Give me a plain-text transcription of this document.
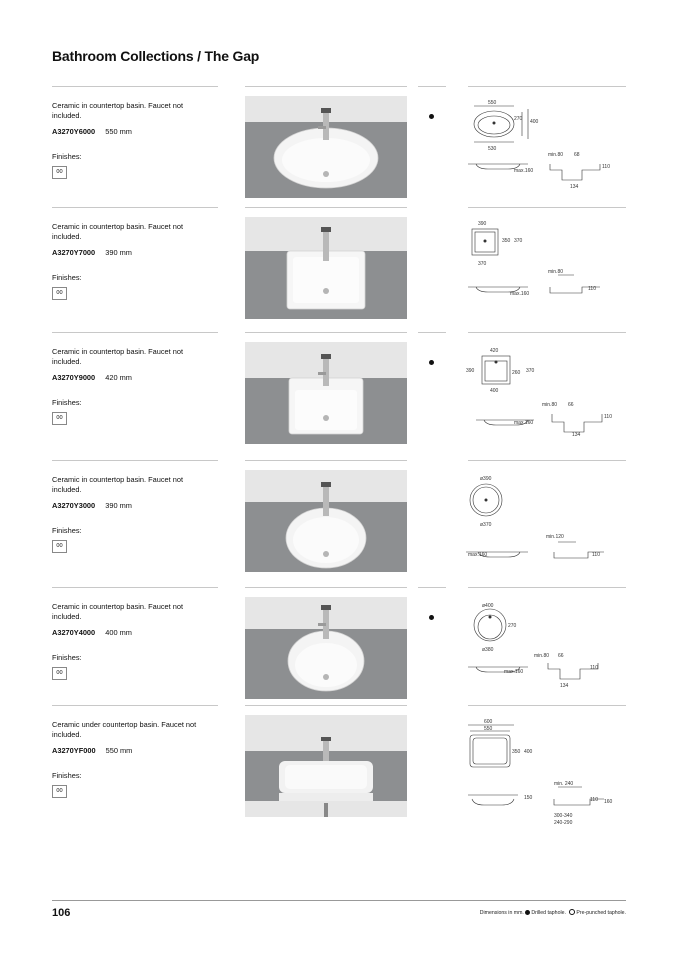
Bathroom Collections / The Gap
Ceramic in countertop basin. Faucet not included.
A3270Y6000 550 mm
Finishes:
00
550
270 400
530
min.80 68
110
134
max.160
Ceramic in countertop basin. Faucet not included.
A3270Y7000 390 mm
Finishes:
00
390
350 370
370
min.80
110
max.160
Ceramic in countertop basin. Faucet not included.
A3270Y9000 420 mm
Finishes:
00
420
390	260 370
400
min.80 66
110
134
max.160
Ceramic in countertop basin. Faucet not included.
A3270Y3000 390 mm
Finishes:
00
ø390
ø370
min.120
110
max.160
Ceramic in countertop basin. Faucet not included.
A3270Y4000 400 mm
Finishes:
00
ø400
270
ø380
min.80 66
110
134
max.160
Ceramic under countertop basin. Faucet not included.
A3270YF000 550 mm
Finishes:
00
600
550
350 400
150
min. 240
110 160
300-340
240-290
106	Dimensions in mm. Drilled taphole. Pre-punched taphole.
